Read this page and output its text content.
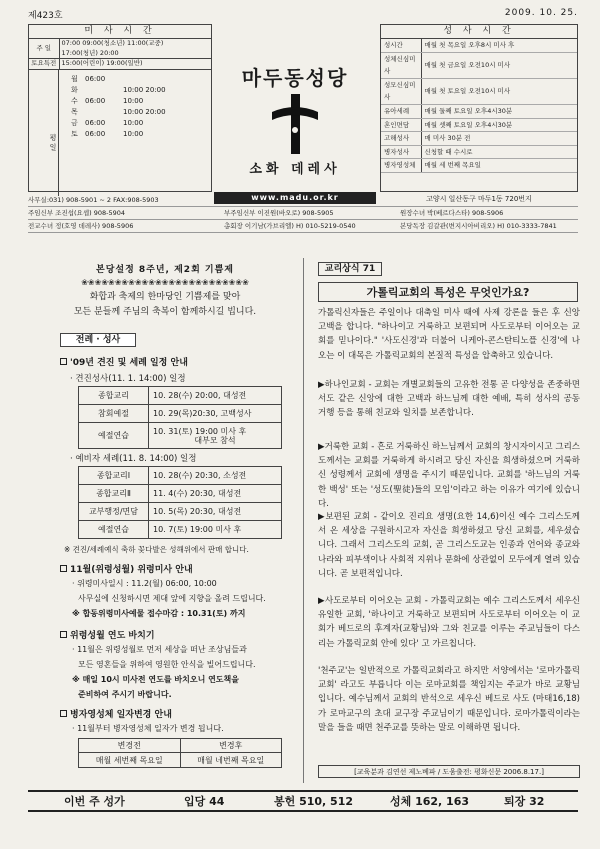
제423호	2009. 10. 25.
미 사 시 간
주 일	07:00 09:00(청소년) 11:00(교중)
17:00(청년) 20:00

토요특전	15:00(어린이) 19:00(일반)
평 일
월 06:00
화	10:00 20:00
수 06:00	10:00
목	10:00 20:00
금 06:00	10:00
토 06:00	10:00
마두동성당
소화 데레사
성 사 시 간
성시간	매월 첫 목요일 오후8시 미사 후
성체신심미사	매월 첫 금요일 오전10시 미사
성모신심미사	매월 첫 토요일 오전10시 미사
유아세례	매월 둘째 토요일 오후4시30분
혼인면담	매월 셋째 토요일 오후4시30분
고해성사	매 미사 30분 전
병자성사	신청할 때 수시로
병자영성체	매월 세 번째 목요일
www.madu.or.kr	고양시 일산동구 마두1동 720번지
사무실:031) 908-5901 ~ 2 FAX:908-5903
주임신부 조진섭(요셉) 908-5904	부주임신부 이진원(바오로) 908-5905	원장수녀 박(베르다스타) 908-5906
전교수녀 정(호영 데레사) 908-5906	총회장 이기남(가브리엘) H) 010-5219-0540	본당독장 김갈관(변지시아비리오) H) 010-3333-7841
본당설정 8주년, 제2회 기쁨제
❀❀❀❀❀❀❀❀❀❀❀❀❀❀❀❀❀❀❀❀❀❀❀❀❀
화합과 축제의 한마당인 기쁨제를 맞아
모든 분들께 주님의 축복이 함께하시길 빕니다.
전례 · 성사
'09년 견진 및 세례 일정 안내
· 견진성사(11. 1. 14:00) 일정
종합교리	10. 28(수) 20:00, 대성전
참회예절	10. 29(목)20:30, 고백성사
예절연습	10. 31(토) 19:00 미사 후
대부모 참석
· 예비자 세례(11. 8. 14:00) 일정
종합교리Ⅰ	10. 28(수) 20:30, 소성전
종합교리Ⅱ	11. 4(수) 20:30, 대성전
교부행정/면담	10. 5(목) 20:30, 대성전
예절연습	10. 7(토) 19:00 미사 후
※ 견진/세례예식 축하 꽃다발은 성해위에서 판매 합니다.
11월(위령성월) 위령미사 안내
· 위령미사일시 : 11.2(월) 06:00, 10:00
사무실에 신청하시면 제대 앞에 지향을 올려 드립니다.
※ 합동위령미사예물 접수마감 : 10.31(토) 까지
위령성월 연도 바치기
· 11월은 위령성월로 먼저 세상을 떠난 조상님들과
모든 영혼들을 위하여 영원한 안식을 빌어드립니다.
※ 매일 10시 미사전 연도를 바치오니 연도책을
준비하여 주시기 바랍니다.
병자영성체 일자변경 안내
· 11월부터 병자영성체 일자가 변경 됩니다.
변경전	변경후
매월 세번째 목요일	매월 네번째 목요일
교리상식 71
가톨릭교회의 특성은 무엇인가요?
가톨릭신자들은 주일이나 대축일 미사 때에 사제 강론을 들은 후 신앙고백을 합니다. "하나이고 거룩하고 보편되며 사도로부터 이어오는 교회를 믿나이다." '사도신경'과 더불어 니케아-콘스탄티노플 신경'에 나오는 이 대목은 가톨릭교회의 본질적 특성을 압축하고 있습니다.
▶하나인교회 - 교회는 개별교회들의 고유한 전통 곧 다양성을 존중하면서도 같은 신앙에 대한 고백과 하느님께 대한 예배, 특히 성사의 공동 거행 등을 통해 친교와 일치를 보존합니다.
▶거룩한 교회 - 흔로 거룩하신 하느님께서 교회의 창시자이시고 그리스도께서는 교회를 거룩하게 하시려고 당신 자신을 희생하셨으며 거룩하신 성령께서 교회에 생명을 주시기 때문입니다. 교회를 '하느님의 거룩한 백성' 또는 '성도(聖徒)들의 모임'이라고 하는 이유가 여기에 있습니다.
▶보편된 교회 - 같이오 진리요 생명(요한 14,6)이신 예수 그리스도께서 온 세상을 구원하시고자 자신을 희생하셨고 당신 교회를, 세우셨습니다. 그래서 그리스도의 교회, 곧 그리스도교는 인종과 언어와 종교와 나라와 피부색이나 사회적 지위나 문화에 상관없이 모두에게 열려 있습니다. 곧 보편적입니다.
▶사도로부터 이어오는 교회 - 가톨릭교회는 예수 그리스도께서 세우신 유일한 교회, '하나이고 거룩하고 보편되며 사도로부터 이어오는 이 교회가 베드로의 후계자(교황님)와 그와 친교를 이루는 주교님들이 다스리는 가톨릭교회 안에 있다' 고 가르칩니다.
'천주교'는 일반적으로 가톨릭교회라고 하지만 서양에서는 '로마가톨릭교회' 라고도 부릅니다 이는 로마교회를 책임지는 주교가 바로 교황님입니다. 예수님께서 교회의 반석으로 세우신 베드로 사도 (마태16,18)가 로마교구의 초대 교구장 주교님이기 때문입니다. 로마가톨릭이라는 말을 들을 때면 천주교를 뜻하는 말로 이해하면 됩니다.
[교육분과 김연선 제노베파 / 도움출전: 평화신문 2006.8.17.]
이번 주 성가	입당 44	봉헌 510, 512	성체 162, 163	퇴장 32
